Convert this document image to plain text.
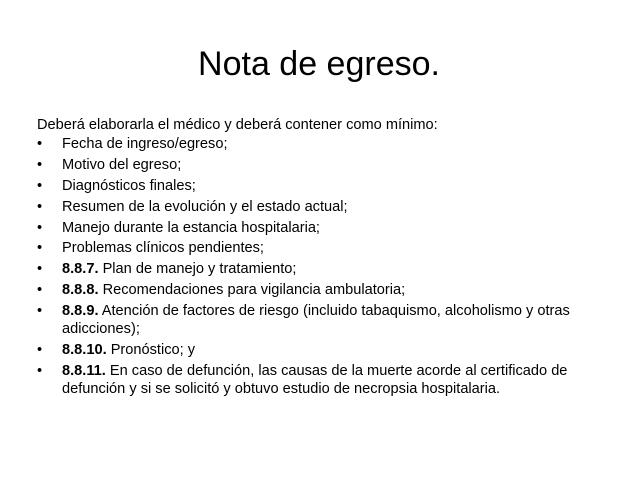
Nota de egreso.

Deberá elaborarla el médico y deberá contener como mínimo:

• Fecha de ingreso/egreso;
• Motivo del egreso;
• Diagnósticos finales;
• Resumen de la evolución y el estado actual;
• Manejo durante la estancia hospitalaria;
• Problemas clínicos pendientes;
• 8.8.7. Plan de manejo y tratamiento;
• 8.8.8. Recomendaciones para vigilancia ambulatoria;
• 8.8.9. Atención de factores de riesgo (incluido tabaquismo, alcoholismo y otras adicciones);
• 8.8.10. Pronóstico; y
• 8.8.11. En caso de defunción, las causas de la muerte acorde al certificado de defunción y si se solicitó y obtuvo estudio de necropsia hospitalaria.
